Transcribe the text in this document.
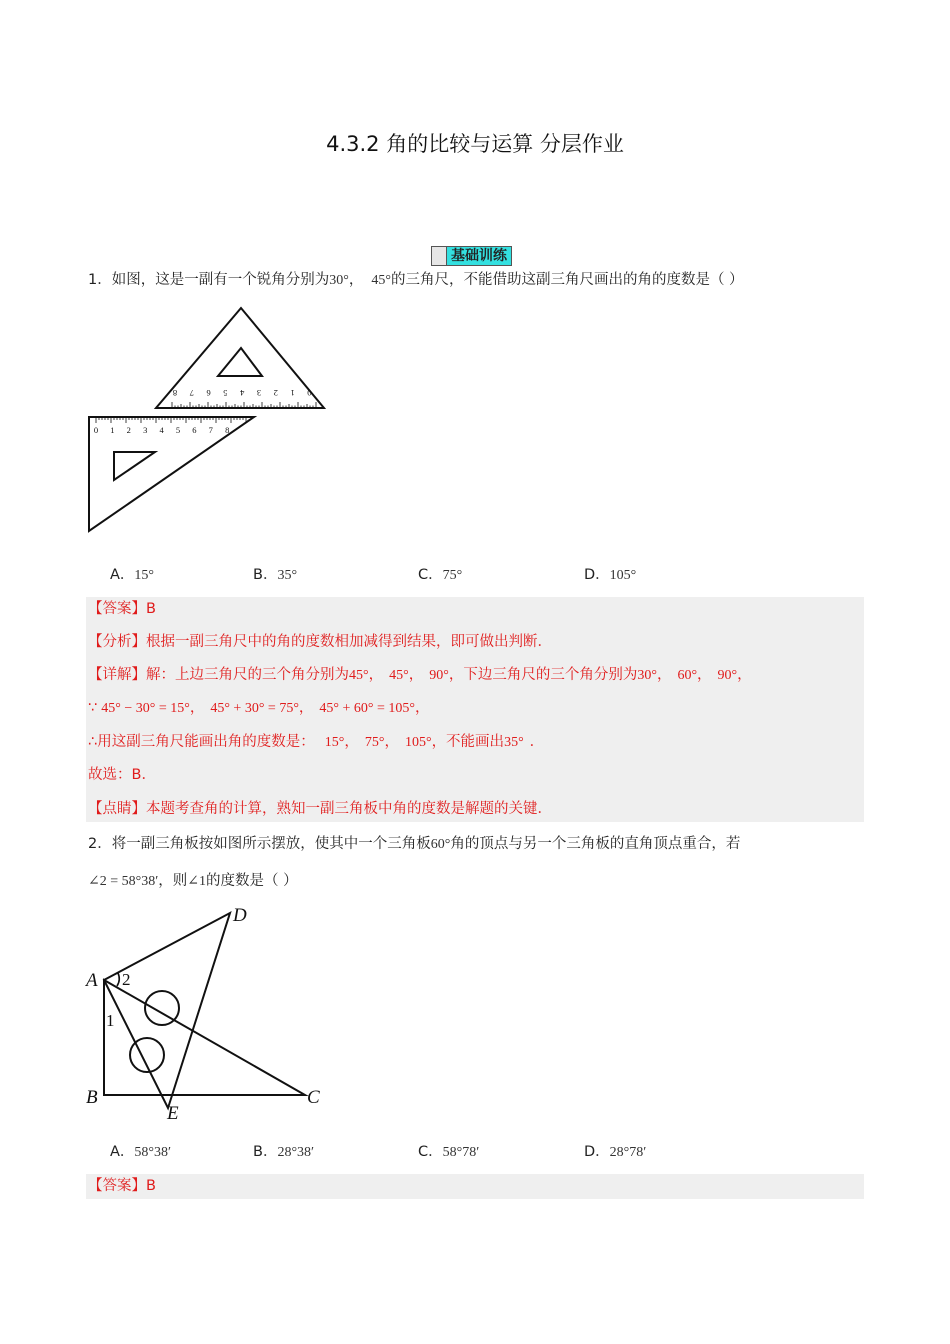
4.3.2 角的比较与运算 分层作业
基础训练
1．如图，这是一副有一个锐角分别为30°， 45°的三角尺，不能借助这副三角尺画出的角的度数是（ ）
8 7 6 5 4 3 2 1 0
0 1 2 3 4 5 6 7 8
A．15°	B．35°	C．75°	D．105°
【答案】B
【分析】根据一副三角尺中的角的度数相加减得到结果，即可做出判断．
【详解】解：上边三角尺的三个角分别为45°， 45°， 90°，下边三角尺的三个角分别为30°， 60°， 90°，
∵ 45° − 30° = 15°， 45° + 30° = 75°， 45° + 60° = 105°，
∴用这副三角尺能画出角的度数是： 15°， 75°， 105°，不能画出35° ．
故选：B．
【点睛】本题考查角的计算，熟知一副三角板中角的度数是解题的关键．
2．将一副三角板按如图所示摆放，使其中一个三角板60°角的顶点与另一个三角板的直角顶点重合，若
∠2 = 58°38′，则∠1的度数是（ ）
A
B	C
D
E
1
2
A．58°38′	B．28°38′	C．58°78′	D．28°78′
【答案】B
